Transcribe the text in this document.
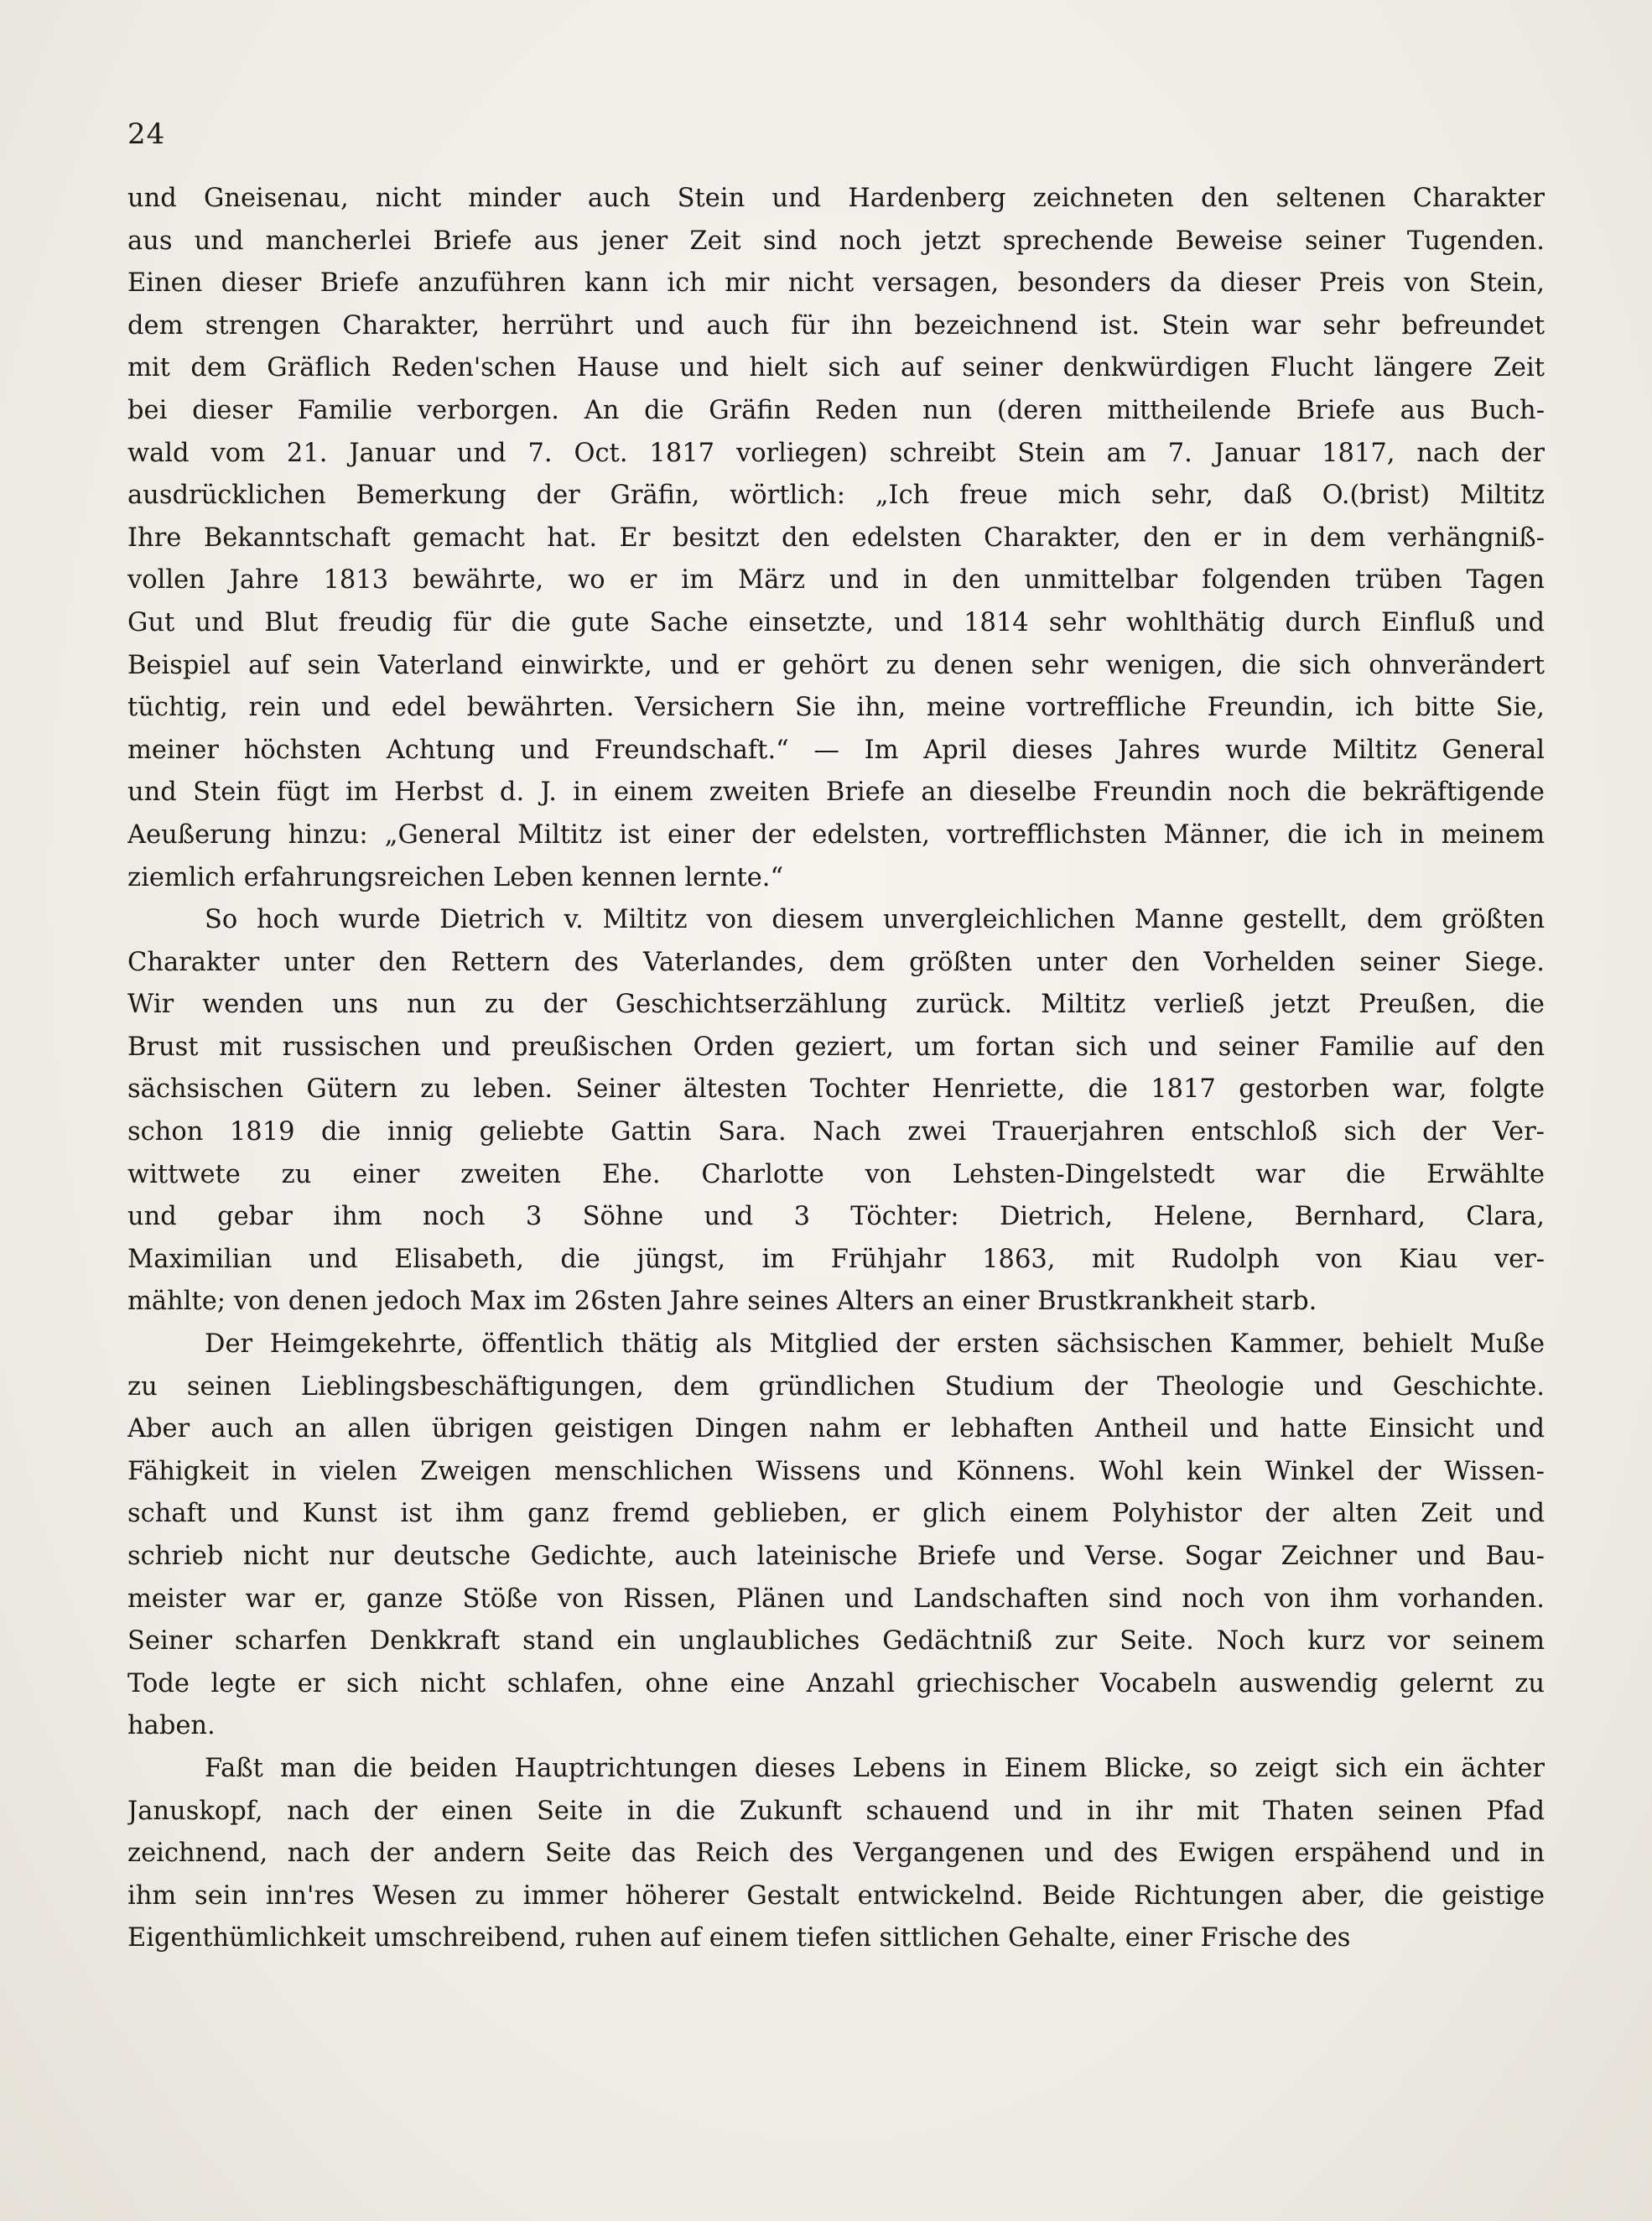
24
und Gneisenau, nicht minder auch Stein und Hardenberg zeichneten den seltenen Charakter
aus und mancherlei Briefe aus jener Zeit sind noch jetzt sprechende Beweise seiner Tugenden.
Einen dieser Briefe anzuführen kann ich mir nicht versagen, besonders da dieser Preis von Stein,
dem strengen Charakter, herrührt und auch für ihn bezeichnend ist. Stein war sehr befreundet
mit dem Gräflich Reden'schen Hause und hielt sich auf seiner denkwürdigen Flucht längere Zeit
bei dieser Familie verborgen. An die Gräfin Reden nun (deren mittheilende Briefe aus Buch-
wald vom 21. Januar und 7. Oct. 1817 vorliegen) schreibt Stein am 7. Januar 1817, nach der
ausdrücklichen Bemerkung der Gräfin, wörtlich: „Ich freue mich sehr, daß O.(brist) Miltitz
Ihre Bekanntschaft gemacht hat. Er besitzt den edelsten Charakter, den er in dem verhängniß-
vollen Jahre 1813 bewährte, wo er im März und in den unmittelbar folgenden trüben Tagen
Gut und Blut freudig für die gute Sache einsetzte, und 1814 sehr wohlthätig durch Einfluß und
Beispiel auf sein Vaterland einwirkte, und er gehört zu denen sehr wenigen, die sich ohnverändert
tüchtig, rein und edel bewährten. Versichern Sie ihn, meine vortreffliche Freundin, ich bitte Sie,
meiner höchsten Achtung und Freundschaft.“ — Im April dieses Jahres wurde Miltitz General
und Stein fügt im Herbst d. J. in einem zweiten Briefe an dieselbe Freundin noch die bekräftigende
Aeußerung hinzu: „General Miltitz ist einer der edelsten, vortrefflichsten Männer, die ich in meinem
ziemlich erfahrungsreichen Leben kennen lernte.“
So hoch wurde Dietrich v. Miltitz von diesem unvergleichlichen Manne gestellt, dem größten
Charakter unter den Rettern des Vaterlandes, dem größten unter den Vorhelden seiner Siege.
Wir wenden uns nun zu der Geschichtserzählung zurück. Miltitz verließ jetzt Preußen, die
Brust mit russischen und preußischen Orden geziert, um fortan sich und seiner Familie auf den
sächsischen Gütern zu leben. Seiner ältesten Tochter Henriette, die 1817 gestorben war, folgte
schon 1819 die innig geliebte Gattin Sara. Nach zwei Trauerjahren entschloß sich der Ver-
wittwete zu einer zweiten Ehe. Charlotte von Lehsten-Dingelstedt war die Erwählte
und gebar ihm noch 3 Söhne und 3 Töchter: Dietrich, Helene, Bernhard, Clara,
Maximilian und Elisabeth, die jüngst, im Frühjahr 1863, mit Rudolph von Kiau ver-
mählte; von denen jedoch Max im 26sten Jahre seines Alters an einer Brustkrankheit starb.
Der Heimgekehrte, öffentlich thätig als Mitglied der ersten sächsischen Kammer, behielt Muße
zu seinen Lieblingsbeschäftigungen, dem gründlichen Studium der Theologie und Geschichte.
Aber auch an allen übrigen geistigen Dingen nahm er lebhaften Antheil und hatte Einsicht und
Fähigkeit in vielen Zweigen menschlichen Wissens und Könnens. Wohl kein Winkel der Wissen-
schaft und Kunst ist ihm ganz fremd geblieben, er glich einem Polyhistor der alten Zeit und
schrieb nicht nur deutsche Gedichte, auch lateinische Briefe und Verse. Sogar Zeichner und Bau-
meister war er, ganze Stöße von Rissen, Plänen und Landschaften sind noch von ihm vorhanden.
Seiner scharfen Denkkraft stand ein unglaubliches Gedächtniß zur Seite. Noch kurz vor seinem
Tode legte er sich nicht schlafen, ohne eine Anzahl griechischer Vocabeln auswendig gelernt zu
haben.
Faßt man die beiden Hauptrichtungen dieses Lebens in Einem Blicke, so zeigt sich ein ächter
Januskopf, nach der einen Seite in die Zukunft schauend und in ihr mit Thaten seinen Pfad
zeichnend, nach der andern Seite das Reich des Vergangenen und des Ewigen erspähend und in
ihm sein inn'res Wesen zu immer höherer Gestalt entwickelnd. Beide Richtungen aber, die geistige
Eigenthümlichkeit umschreibend, ruhen auf einem tiefen sittlichen Gehalte, einer Frische des
